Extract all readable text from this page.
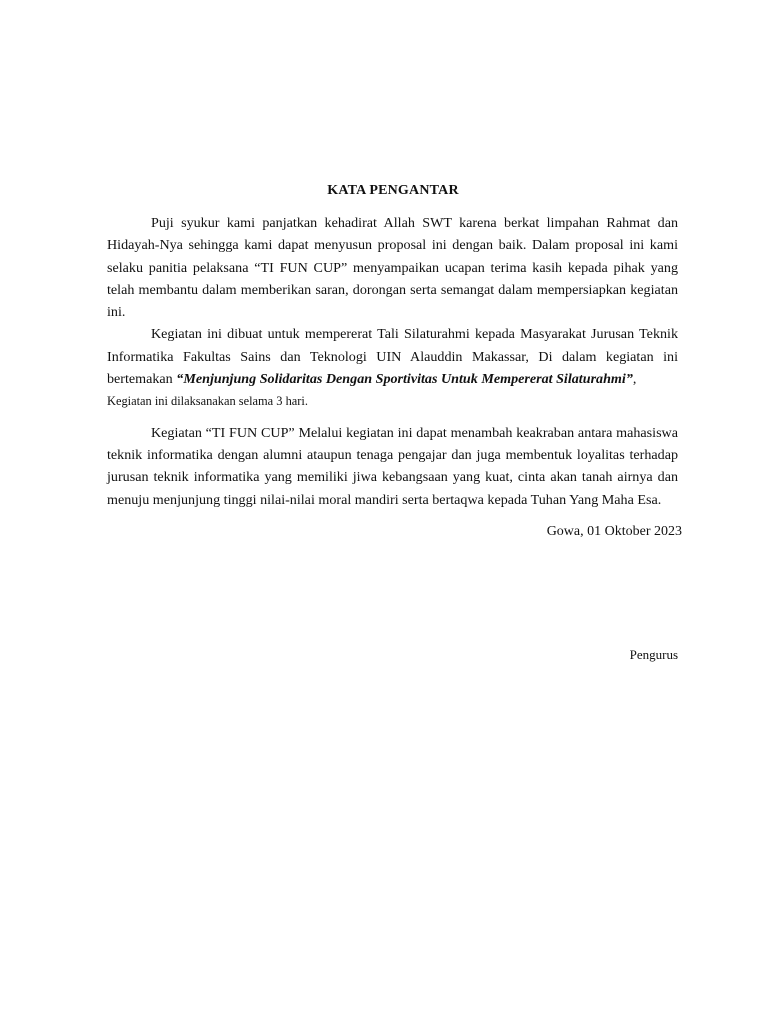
KATA PENGANTAR

Puji syukur kami panjatkan kehadirat Allah SWT karena berkat limpahan Rahmat dan Hidayah-Nya sehingga kami dapat menyusun proposal ini dengan baik. Dalam proposal ini kami selaku panitia pelaksana “TI FUN CUP” menyampaikan ucapan terima kasih kepada pihak yang telah membantu dalam memberikan saran, dorongan serta semangat dalam mempersiapkan kegiatan ini.

Kegiatan ini dibuat untuk mempererat Tali Silaturahmi kepada Masyarakat Jurusan Teknik Informatika Fakultas Sains dan Teknologi UIN Alauddin Makassar, Di dalam kegiatan ini bertemakan “Menjunjung Solidaritas Dengan Sportivitas Untuk Mempererat Silaturahmi”,
Kegiatan ini dilaksanakan selama 3 hari.

Kegiatan “TI FUN CUP” Melalui kegiatan ini dapat menambah keakraban antara mahasiswa teknik informatika dengan alumni ataupun tenaga pengajar dan juga membentuk loyalitas terhadap jurusan teknik informatika yang memiliki jiwa kebangsaan yang kuat, cinta akan tanah airnya dan menuju menjunjung tinggi nilai-nilai moral mandiri serta bertaqwa kepada Tuhan Yang Maha Esa.

Gowa, 01 Oktober 2023
Pengurus
